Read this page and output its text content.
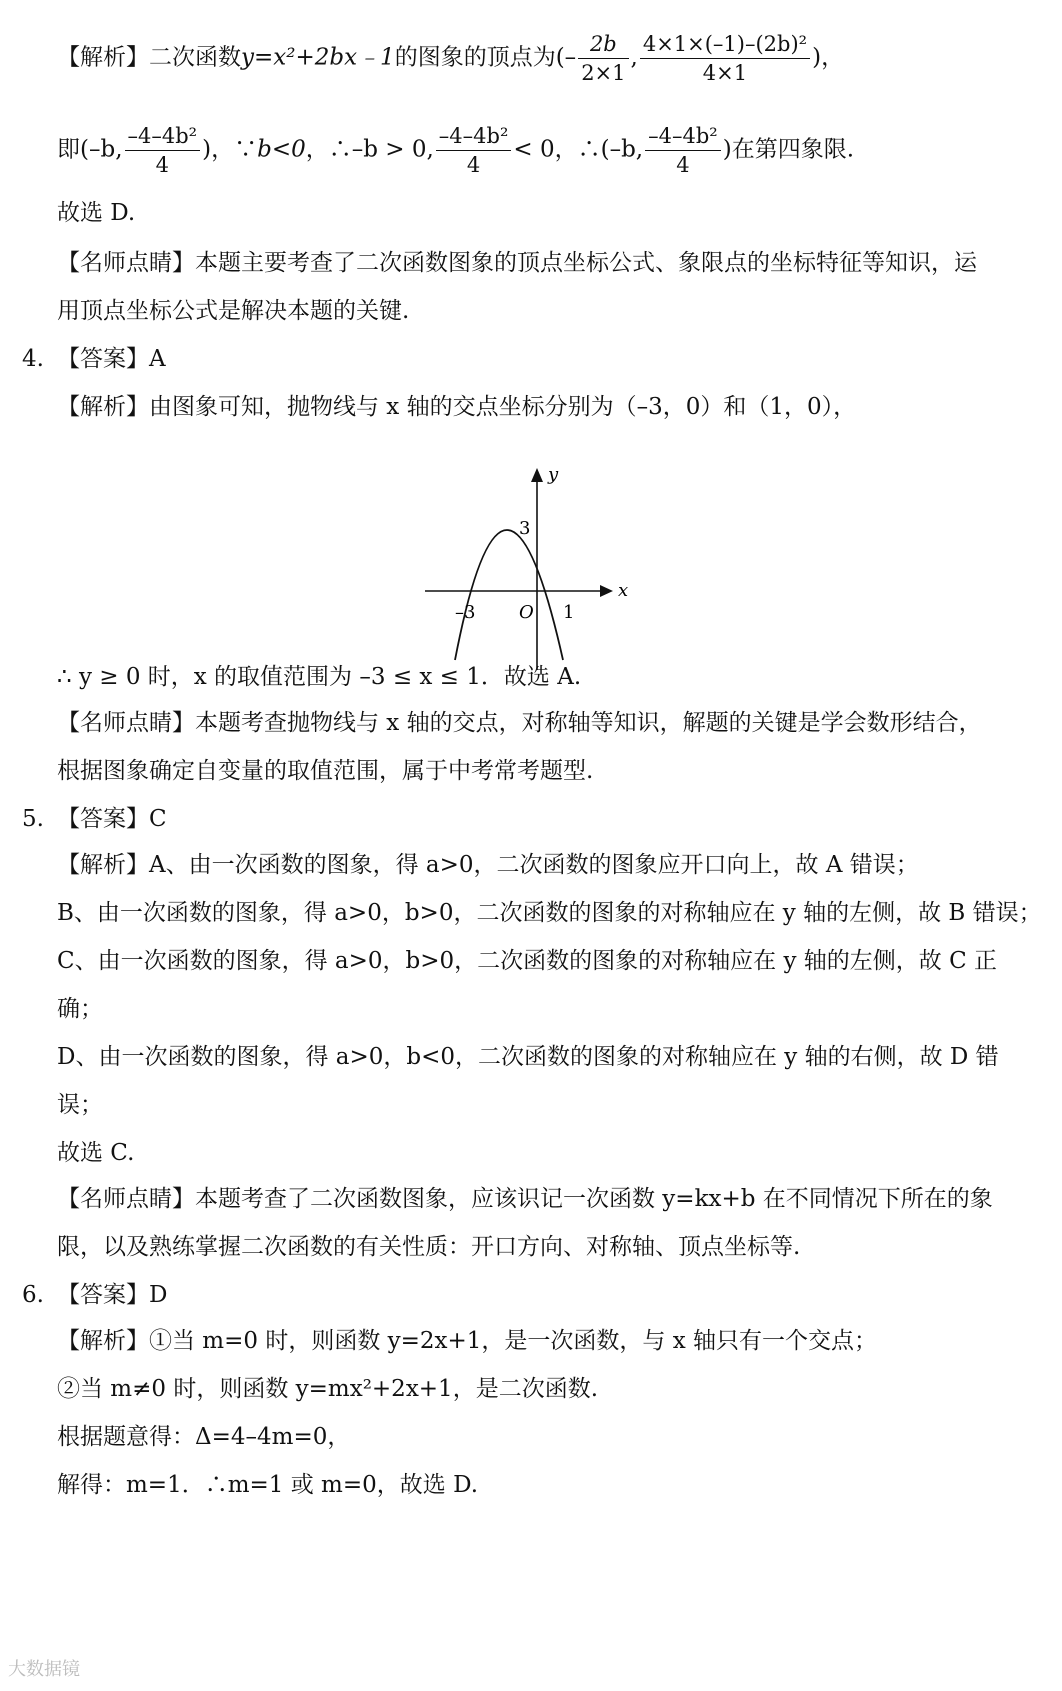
【解析】二次函数y=x²+2bx﹣1的图象的顶点为(– $\frac{2b}{2\times 1}$ , $\frac{\text{4×1×(–1)–(2b)²}}{4\times 1}$ )，
即(–b, $\frac{\text{–4–4b²}}{4}$ )，∵b<0，∴–b > 0, $\frac{\text{–4–4b²}}{4} < 0$，∴(–b, $\frac{\text{–4–4b²}}{4}$ )在第四象限.
故选 D.
【名师点睛】本题主要考查了二次函数图象的顶点坐标公式、象限点的坐标特征等知识，运
用顶点坐标公式是解决本题的关键.
4. 【答案】A
【解析】由图象可知，抛物线与 x 轴的交点坐标分别为（–3，0）和（1，0），
y
x
3
–3 O 1
∴ y ≥ 0 时，x 的取值范围为 –3 ≤ x ≤ 1．故选 A.
【名师点睛】本题考查抛物线与 x 轴的交点，对称轴等知识，解题的关键是学会数形结合，
根据图象确定自变量的取值范围，属于中考常考题型.
5. 【答案】C
【解析】A、由一次函数的图象，得 a>0，二次函数的图象应开口向上，故 A 错误；
B、由一次函数的图象，得 a>0，b>0，二次函数的图象的对称轴应在 y 轴的左侧，故 B 错误；
C、由一次函数的图象，得 a>0，b>0，二次函数的图象的对称轴应在 y 轴的左侧，故 C 正
确；
D、由一次函数的图象，得 a>0，b<0，二次函数的图象的对称轴应在 y 轴的右侧，故 D 错
误；
故选 C.
【名师点睛】本题考查了二次函数图象，应该识记一次函数 y=kx+b 在不同情况下所在的象
限，以及熟练掌握二次函数的有关性质：开口方向、对称轴、顶点坐标等.
6. 【答案】D
【解析】①当 m=0 时，则函数 y=2x+1，是一次函数，与 x 轴只有一个交点；
②当 m≠0 时，则函数 y=mx²+2x+1，是二次函数.
根据题意得：Δ=4–4m=0，
解得：m=1．∴m=1 或 m=0，故选 D.
大数据镜
